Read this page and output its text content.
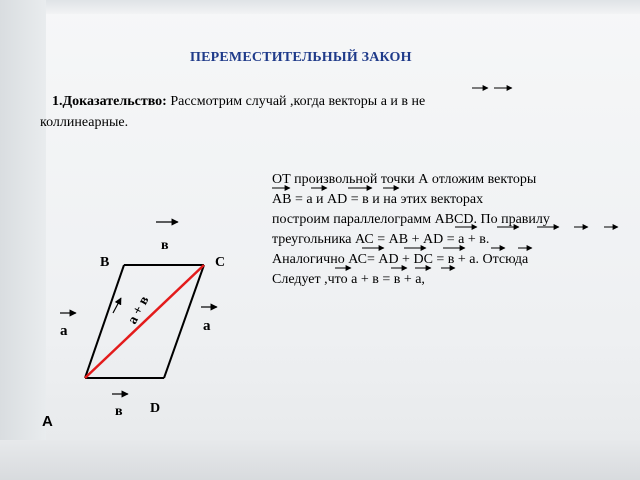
ПЕРЕМЕСТИТЕЛЬНЫЙ ЗАКОН
1.Доказательство: Рассмотрим случай ,когда векторы а и в не
коллинеарные.
ОТ произвольной точки А отложим векторы
АВ = а и АD = в и на этих векторах
построим параллелограмм АВСD. По правилу
треугольника АС = АВ + АD = а + в.
Аналогично АС= АD + DC = в + а. Отсюда
Следует ,что а + в = в + а,
В	С
D
в
в
а	а
а + в
А
